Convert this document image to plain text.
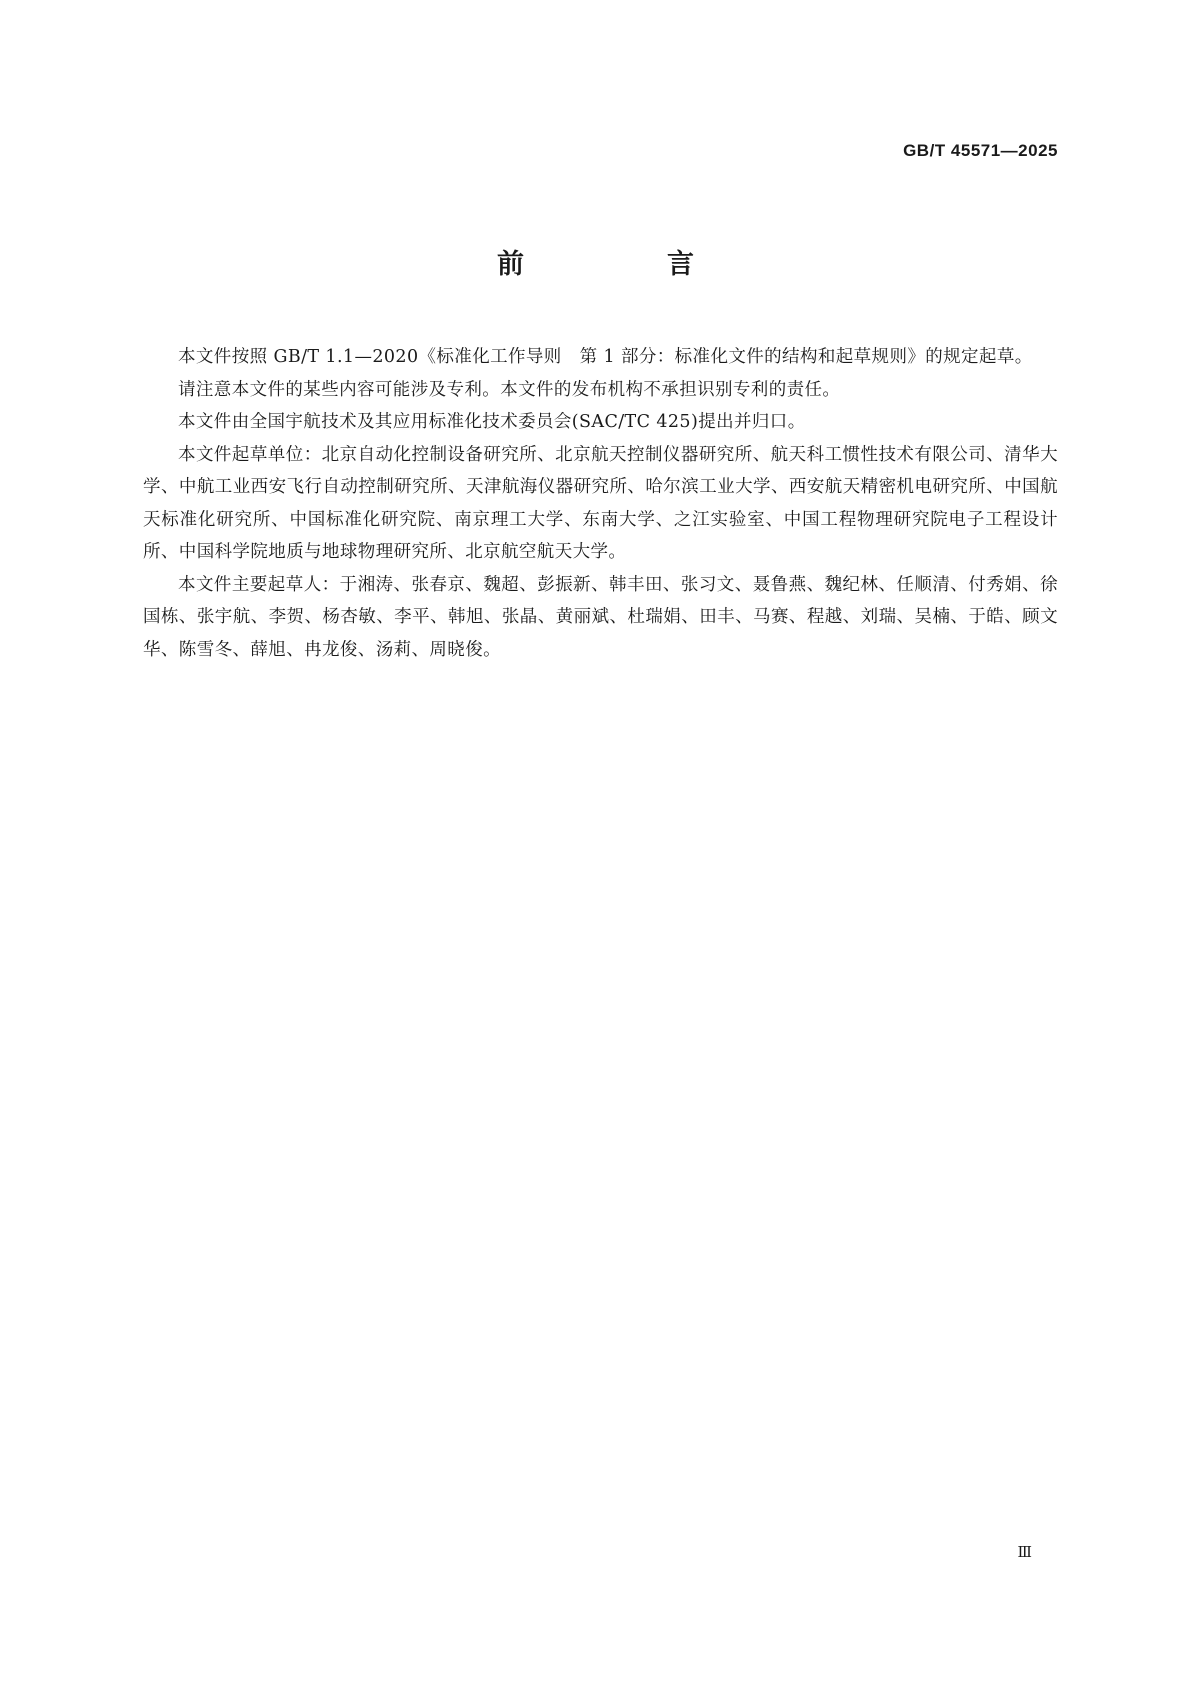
GB/T 45571—2025
前　言

本文件按照 GB/T 1.1—2020《标准化工作导则　第 1 部分：标准化文件的结构和起草规则》的规定起草。

请注意本文件的某些内容可能涉及专利。本文件的发布机构不承担识别专利的责任。

本文件由全国宇航技术及其应用标准化技术委员会(SAC/TC 425)提出并归口。

本文件起草单位：北京自动化控制设备研究所、北京航天控制仪器研究所、航天科工惯性技术有限公司、清华大学、中航工业西安飞行自动控制研究所、天津航海仪器研究所、哈尔滨工业大学、西安航天精密机电研究所、中国航天标准化研究所、中国标准化研究院、南京理工大学、东南大学、之江实验室、中国工程物理研究院电子工程设计所、中国科学院地质与地球物理研究所、北京航空航天大学。

本文件主要起草人：于湘涛、张春京、魏超、彭振新、韩丰田、张习文、聂鲁燕、魏纪林、任顺清、付秀娟、徐国栋、张宇航、李贺、杨杏敏、李平、韩旭、张晶、黄丽斌、杜瑞娟、田丰、马赛、程越、刘瑞、吴楠、于皓、顾文华、陈雪冬、薛旭、冉龙俊、汤莉、周晓俊。

Ⅲ
